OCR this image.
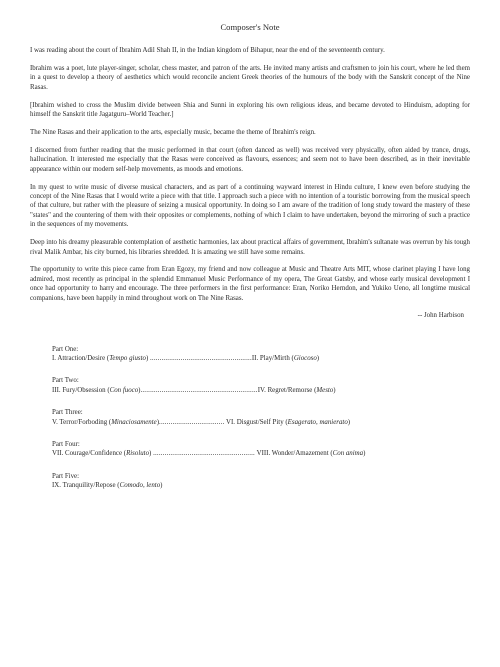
Composer's Note

I was reading about the court of Ibrahim Adil Shah II, in the Indian kingdom of Bihapur, near the end of the seventeenth century.

Ibrahim was a poet, lute player-singer, scholar, chess master, and patron of the arts. He invited many artists and craftsmen to join his court, where he led them in a quest to develop a theory of aesthetics which would reconcile ancient Greek theories of the humours of the body with the Sanskrit concept of the Nine Rasas.

[Ibrahim wished to cross the Muslim divide between Shia and Sunni in exploring his own religious ideas, and became devoted to Hinduism, adopting for himself the Sanskrit title Jagatguru–World Teacher.]

The Nine Rasas and their application to the arts, especially music, became the theme of Ibrahim's reign.

I discerned from further reading that the music performed in that court (often danced as well) was received very physically, often aided by trance, drugs, hallucination. It interested me especially that the Rasas were conceived as flavours, essences; and seem not to have been described, as in their inevitable appearance within our modern self-help movements, as moods and emotions.

In my quest to write music of diverse musical characters, and as part of a continuing wayward interest in Hindu culture, I knew even before studying the concept of the Nine Rasas that I would write a piece with that title. I approach such a piece with no intention of a touristic borrowing from the musical speech of that culture, but rather with the pleasure of seizing a musical opportunity. In doing so I am aware of the tradition of long study toward the mastery of these "states" and the countering of them with their opposites or complements, nothing of which I claim to have undertaken, beyond the mirroring of such a practice in the sequences of my movements.

Deep into his dreamy pleasurable contemplation of aesthetic harmonies, lax about practical affairs of government, Ibrahim's sultanate was overrun by his tough rival Malik Ambar, his city burned, his libraries shredded. It is amazing we still have some remains.

The opportunity to write this piece came from Eran Egozy, my friend and now colleague at Music and Theatre Arts MIT, whose clarinet playing I have long admired, most recently as principal in the splendid Emmanuel Music Performance of my opera, The Great Gatsby, and whose early musical development I once had opportunity to harry and encourage. The three performers in the first performance: Eran, Noriko Herndon, and Yukiko Ueno, all longtime musical companions, have been happily in mind throughout work on The Nine Rasas.

-- John Harbison
Part One:
I. Attraction/Desire (Tempo giusto) .....................................................II. Play/Mirth (Giocoso)
Part Two:
III. Fury/Obsession (Con fuoco).............................................................IV. Regret/Remorse (Mesto)
Part Three:
V. Terror/Forboding (Minaciosamente).................................. VI. Disgust/Self Pity (Esagerato, manierato)
Part Four:
VII. Courage/Confidence (Risoluto) ..................................................... VIII. Wonder/Amazement (Con anima)
Part Five:
IX. Tranquility/Repose (Comodo, lento)
